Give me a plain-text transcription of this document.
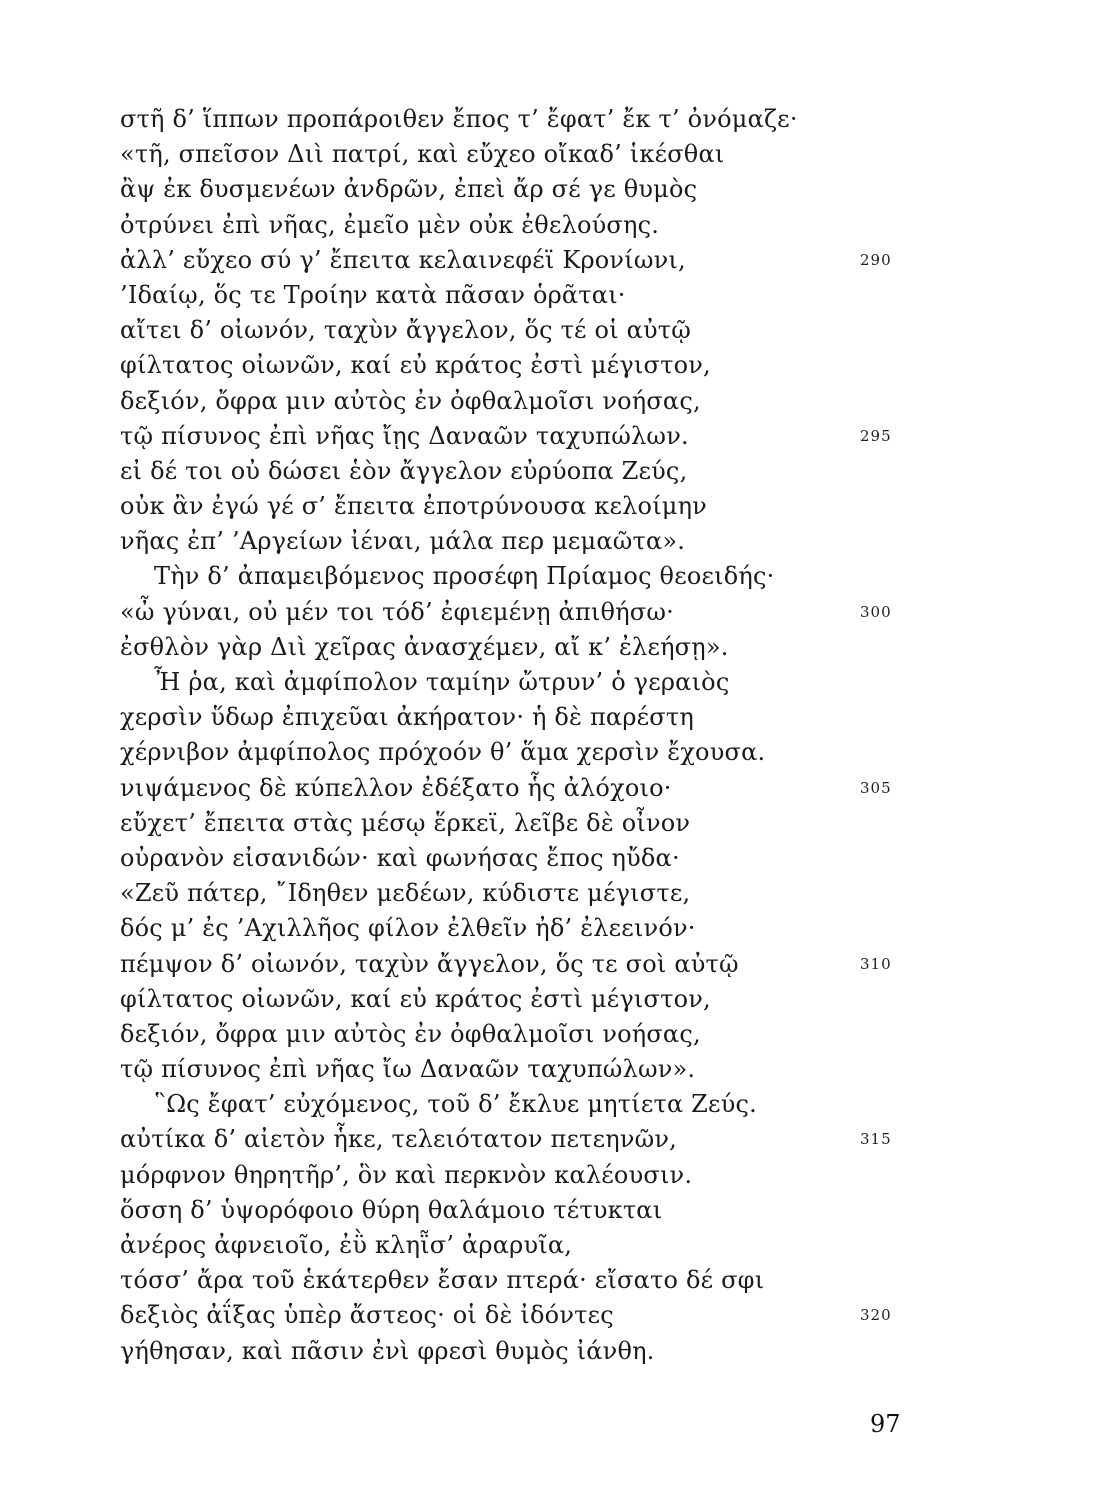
στῆ δ’ ἵππων προπάροιθεν ἔπος τ’ ἔφατ’ ἔκ τ’ ὀνόμαζε·
«τῆ, σπεῖσον Διὶ πατρί, καὶ εὔχεο οἴκαδ’ ἱκέσθαι
ἂψ ἐκ δυσμενέων ἀνδρῶν, ἐπεὶ ἄρ σέ γε θυμὸς
ὀτρύνει ἐπὶ νῆας, ἐμεῖο μὲν οὐκ ἐθελούσης.
ἀλλ’ εὔχεο σύ γ’ ἔπειτα κελαινεφέϊ Κρονίωνι,	290
’Ιδαίῳ, ὅς τε Τροίην κατὰ πᾶσαν ὁρᾶται·
αἴτει δ’ οἰωνόν, ταχὺν ἄγγελον, ὅς τέ οἱ αὐτῷ
φίλτατος οἰωνῶν, καί εὐ κράτος ἐστὶ μέγιστον,
δεξιόν, ὄφρα μιν αὐτὸς ἐν ὀφθαλμοῖσι νοήσας,
τῷ πίσυνος ἐπὶ νῆας ἴῃς Δαναῶν ταχυπώλων.	295
εἰ δέ τοι οὐ δώσει ἑὸν ἄγγελον εὐρύοπα Ζεύς,
οὐκ ἂν ἐγώ γέ σ’ ἔπειτα ἐποτρύνουσα κελοίμην
νῆας ἐπ’ ’Αργείων ἰέναι, μάλα περ μεμαῶτα».
Τὴν δ’ ἀπαμειβόμενος προσέφη Πρίαμος θεοειδής·
«ὦ γύναι, οὐ μέν τοι τόδ’ ἐφιεμένῃ ἀπιθήσω·	300
ἐσθλὸν γὰρ Διὶ χεῖρας ἀνασχέμεν, αἴ κ’ ἐλεήσῃ».
Ἦ ῥα, καὶ ἀμφίπολον ταμίην ὤτρυν’ ὁ γεραιὸς
χερσὶν ὕδωρ ἐπιχεῦαι ἀκήρατον· ἡ δὲ παρέστη
χέρνιβον ἀμφίπολος πρόχοόν θ’ ἅμα χερσὶν ἔχουσα.
νιψάμενος δὲ κύπελλον ἐδέξατο ἧς ἀλόχοιο·	305
εὔχετ’ ἔπειτα στὰς μέσῳ ἕρκεϊ, λεῖβε δὲ οἶνον
οὐρανὸν εἰσανιδών· καὶ φωνήσας ἔπος ηὔδα·
«Ζεῦ πάτερ, ῎Ιδηθεν μεδέων, κύδιστε μέγιστε,
δός μ’ ἐς ’Αχιλλῆος φίλον ἐλθεῖν ἠδ’ ἐλεεινόν·
πέμψον δ’ οἰωνόν, ταχὺν ἄγγελον, ὅς τε σοὶ αὐτῷ	310
φίλτατος οἰωνῶν, καί εὐ κράτος ἐστὶ μέγιστον,
δεξιόν, ὄφρα μιν αὐτὸς ἐν ὀφθαλμοῖσι νοήσας,
τῷ πίσυνος ἐπὶ νῆας ἴω Δαναῶν ταχυπώλων».
῝Ως ἔφατ’ εὐχόμενος, τοῦ δ’ ἔκλυε μητίετα Ζεύς.
αὐτίκα δ’ αἰετὸν ἧκε, τελειότατον πετεηνῶν,	315
μόρφνον θηρητῆρ’, ὃν καὶ περκνὸν καλέουσιν.
ὅσση δ’ ὑψορόφοιο θύρη θαλάμοιο τέτυκται
ἀνέρος ἀφνειοῖο, ἐῢ κληῗσ’ ἀραρυῖα,
τόσσ’ ἄρα τοῦ ἑκάτερθεν ἔσαν πτερά· εἴσατο δέ σφι
δεξιὸς ἀΐξας ὑπὲρ ἄστεος· οἱ δὲ ἰδόντες	320
γήθησαν, καὶ πᾶσιν ἐνὶ φρεσὶ θυμὸς ἰάνθη.
97
